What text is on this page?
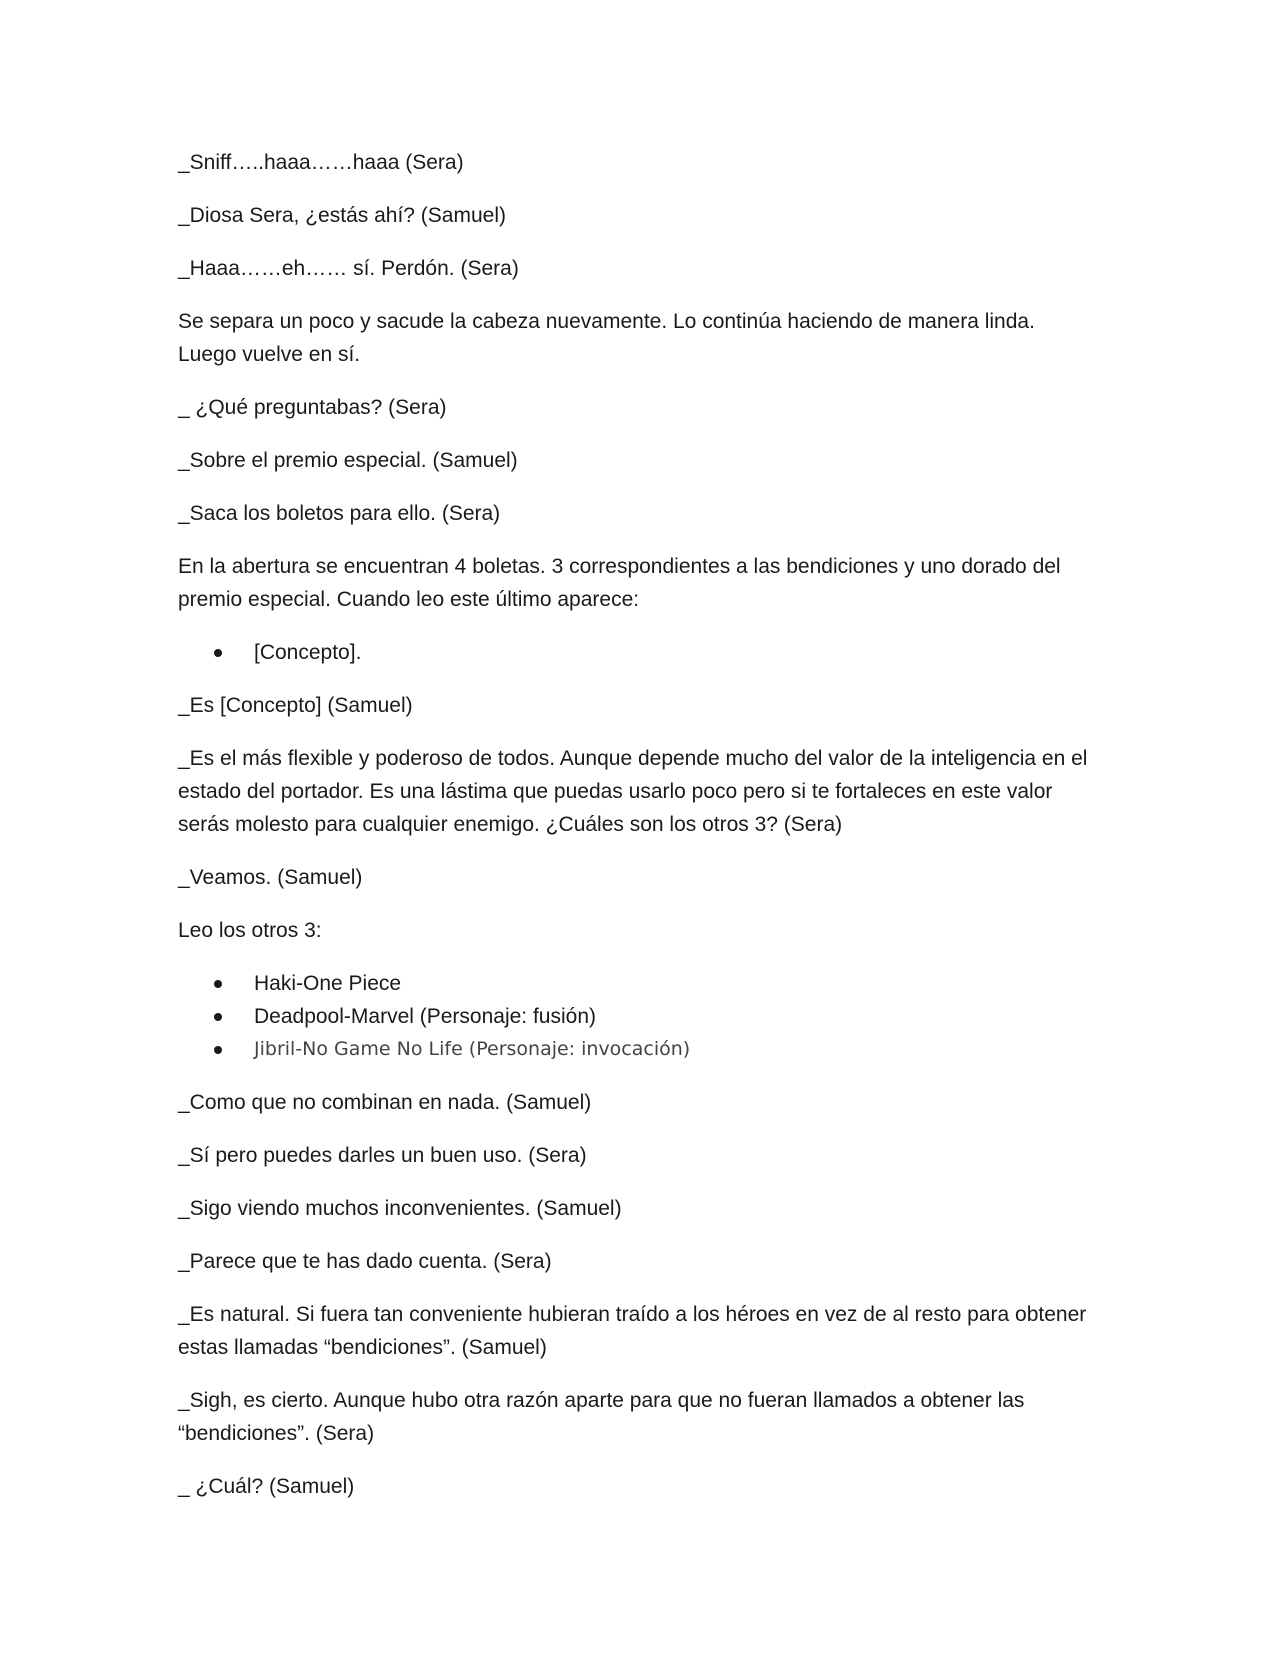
_Sniff…..haaa……haaa (Sera)

_Diosa Sera, ¿estás ahí? (Samuel)

_Haaa……eh…… sí. Perdón. (Sera)

Se separa un poco y sacude la cabeza nuevamente. Lo continúa haciendo de manera linda. Luego vuelve en sí.

_ ¿Qué preguntabas? (Sera)

_Sobre el premio especial. (Samuel)

_Saca los boletos para ello. (Sera)

En la abertura se encuentran 4 boletas. 3 correspondientes a las bendiciones y uno dorado del premio especial. Cuando leo este último aparece:

[Concepto].

_Es [Concepto] (Samuel)

_Es el más flexible y poderoso de todos. Aunque depende mucho del valor de la inteligencia en el estado del portador. Es una lástima que puedas usarlo poco pero si te fortaleces en este valor serás molesto para cualquier enemigo. ¿Cuáles son los otros 3? (Sera)

_Veamos. (Samuel)

Leo los otros 3:

Haki-One Piece
Deadpool-Marvel (Personaje: fusión)
Jibril-No Game No Life (Personaje: invocación)

_Como que no combinan en nada. (Samuel)

_Sí pero puedes darles un buen uso. (Sera)

_Sigo viendo muchos inconvenientes. (Samuel)

_Parece que te has dado cuenta. (Sera)

_Es natural. Si fuera tan conveniente hubieran traído a los héroes en vez de al resto para obtener estas llamadas “bendiciones”. (Samuel)

_Sigh, es cierto. Aunque hubo otra razón aparte para que no fueran llamados a obtener las “bendiciones”. (Sera)

_ ¿Cuál? (Samuel)
